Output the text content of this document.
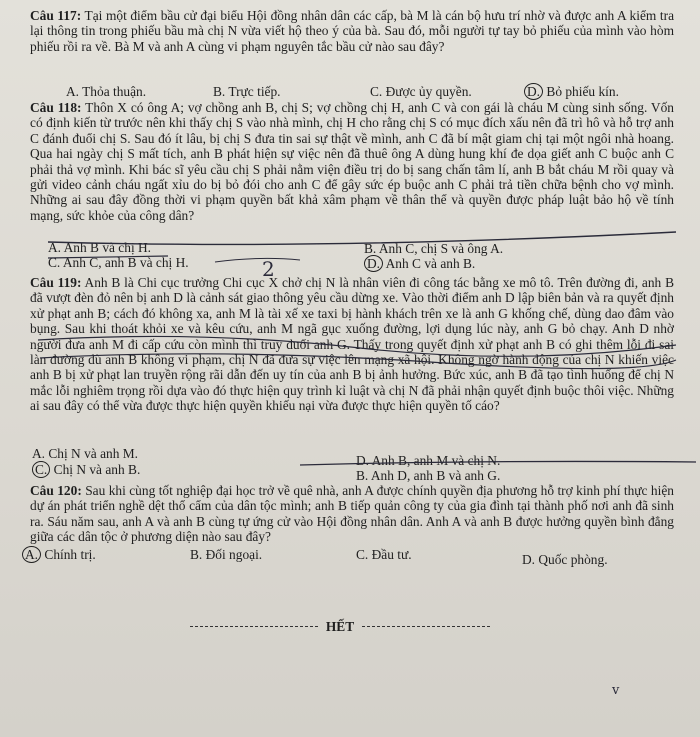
Câu 117: Tại một điểm bầu cử đại biểu Hội đồng nhân dân các cấp, bà M là cán bộ hưu trí nhờ và được anh A kiểm tra lại thông tin trong phiếu bầu mà chị N vừa viết hộ theo ý của bà. Sau đó, mỗi người tự tay bỏ phiếu của mình vào hòm phiếu rồi ra về. Bà M và anh A cùng vi phạm nguyên tắc bầu cử nào sau đây?
A. Thỏa thuận.	B. Trực tiếp.	C. Được ủy quyền.	D. Bỏ phiếu kín.
Câu 118: Thôn X có ông A; vợ chồng anh B, chị S; vợ chồng chị H, anh C và con gái là cháu M cùng sinh sống. Vốn có định kiến từ trước nên khi thấy chị S vào nhà mình, chị H cho rằng chị S có mục đích xấu nên đã trì hô và hỗ trợ anh C đánh đuổi chị S. Sau đó ít lâu, bị chị S đưa tin sai sự thật về mình, anh C đã bí mật giam chị tại một ngôi nhà hoang. Qua hai ngày chị S mất tích, anh B phát hiện sự việc nên đã thuê ông A dùng hung khí đe dọa giết anh C buộc anh C phải thả vợ mình. Khi bác sĩ yêu cầu chị S phải nằm viện điều trị do bị sang chấn tâm lí, anh B bắt cháu M rồi quay và gửi video cảnh cháu ngất xỉu do bị bỏ đói cho anh C để gây sức ép buộc anh C phải trả tiền chữa bệnh cho vợ mình. Những ai sau đây đồng thời vi phạm quyền bất khả xâm phạm về thân thể và quyền được pháp luật bảo hộ về tính mạng, sức khỏe của công dân?
A. Anh B và chị H.	B. Anh C, chị S và ông A.
C. Anh C, anh B và chị H.	D. Anh C và anh B.
Câu 119: Anh B là Chi cục trưởng Chi cục X chở chị N là nhân viên đi công tác bằng xe mô tô. Trên đường đi, anh B đã vượt đèn đỏ nên bị anh D là cảnh sát giao thông yêu cầu dừng xe. Vào thời điểm anh D lập biên bản và ra quyết định xử phạt anh B; cách đó không xa, anh M là tài xế xe taxi bị hành khách trên xe là anh G khống chế, dùng dao đâm vào bụng. Sau khi thoát khỏi xe và kêu cứu, anh M ngã gục xuống đường, lợi dụng lúc này, anh G bỏ chạy. Anh D nhờ người đưa anh M đi cấp cứu còn mình thì truy đuổi anh G. Thấy trong quyết định xử phạt anh B có ghi thêm lỗi đi sai làn đường dù anh B không vi phạm, chị N đã đưa sự việc lên mạng xã hội. Không ngờ hành động của chị N khiến việc anh B bị xử phạt lan truyền rộng rãi dẫn đến uy tín của anh B bị ảnh hưởng. Bức xúc, anh B đã tạo tình huống để chị N mắc lỗi nghiêm trọng rồi dựa vào đó thực hiện quy trình kỉ luật và chị N đã phải nhận quyết định buộc thôi việc. Những ai sau đây có thể vừa được thực hiện quyền khiếu nại vừa được thực hiện quyền tố cáo?
A. Chị N và anh M.	D. Anh B, anh M và chị N.
C. Chị N và anh B.	B. Anh D, anh B và anh G.
Câu 120: Sau khi cùng tốt nghiệp đại học trở về quê nhà, anh A được chính quyền địa phương hỗ trợ kinh phí thực hiện dự án phát triển nghề dệt thổ cẩm của dân tộc mình; anh B tiếp quản công ty của gia đình tại thành phố nơi anh đã sinh ra. Sáu năm sau, anh A và anh B cùng tự ứng cử vào Hội đồng nhân dân. Anh A và anh B được hưởng quyền bình đẳng giữa các dân tộc ở phương diện nào sau đây?
A. Chính trị.	B. Đối ngoại.	C. Đầu tư.	D. Quốc phòng.
HẾT
2
v
